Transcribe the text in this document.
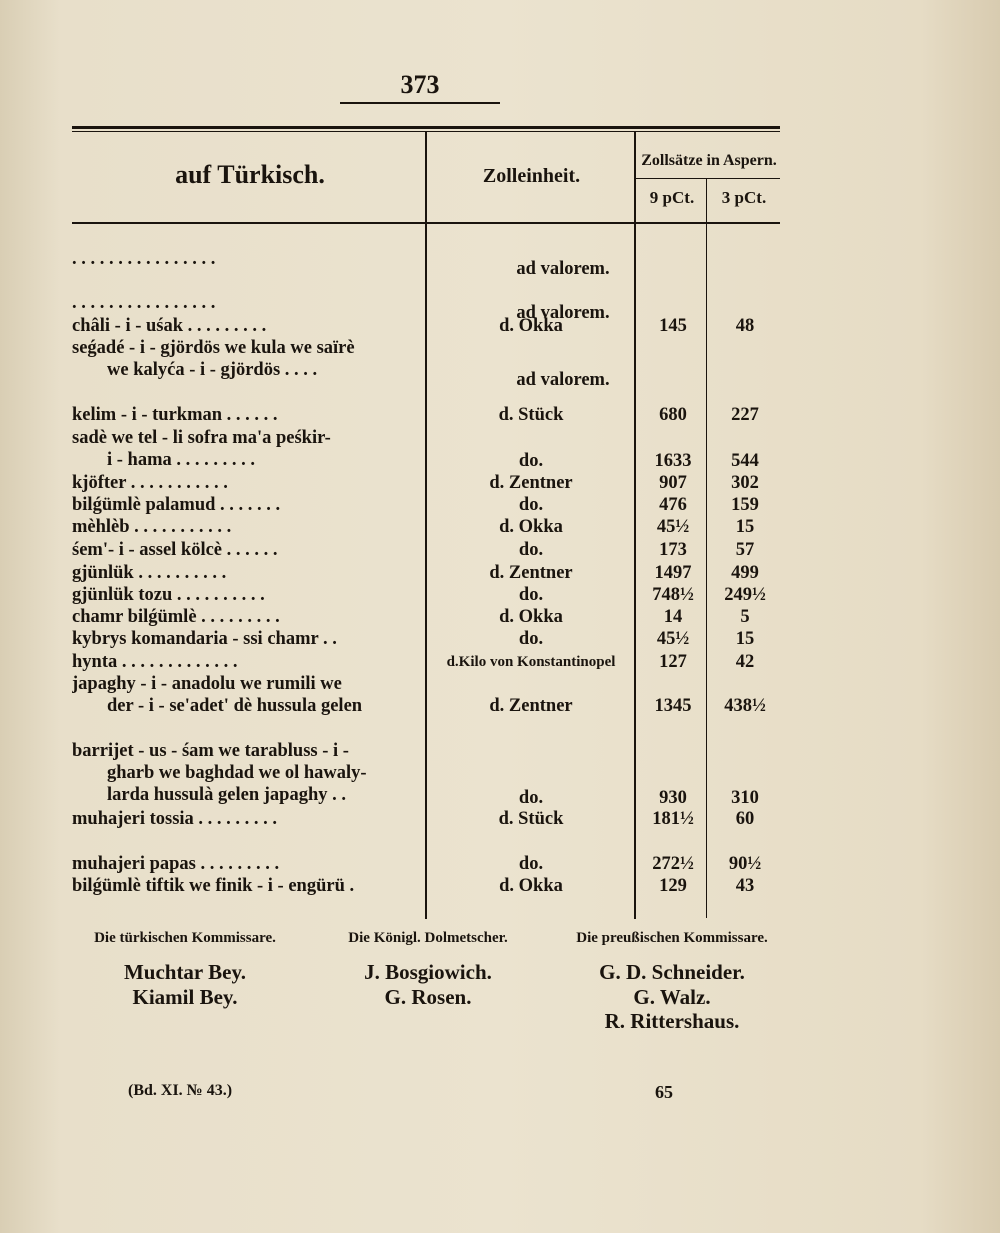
373
auf Türkisch.	Zolleinheit.
Zollsätze in Aspern.
9 pCt.	3 pCt.
. . . . . . . . . . . . . . . .	ad valorem.
. . . . . . . . . . . . . . . .	ad valorem.
châli - i - uśak . . . . . . . . .	d. Okka	145	48
seǵadé - i - gjördös we kula we saïrè
we kalyća - i - gjördös . . . .	ad valorem.
kelim - i - turkman . . . . . .	d. Stück	680	227
sadè we tel - li sofra ma'a peśkir-
i - hama . . . . . . . . .	do.	1633	544
kjöfter . . . . . . . . . . .	d. Zentner	907	302
bilǵümlè palamud . . . . . . .	do.	476	159
mèhlèb . . . . . . . . . . .	d. Okka	45½	15
śem'- i - assel kölcè . . . . . .	do.	173	57
gjünlük . . . . . . . . . .	d. Zentner	1497	499
gjünlük tozu . . . . . . . . . .	do.	748½	249½
chamr bilǵümlè . . . . . . . . .	d. Okka	14	5
kybrys komandaria - ssi chamr . .	do.	45½	15
hynta . . . . . . . . . . . . .	d.Kilo von Konstantinopel	127	42
japaghy - i - anadolu we rumili we
der - i - se'adet' dè hussula gelen	d. Zentner	1345	438½
barrijet - us - śam we tarabluss - i -
gharb we baghdad we ol hawaly-
larda hussulà gelen japaghy . .	do.	930	310
muhajeri tossia . . . . . . . . .	d. Stück	181½	60
muhajeri papas . . . . . . . . .	do.	272½	90½
bilǵümlè tiftik we finik - i - engürü .	d. Okka	129	43
Die türkischen Kommissare.
Muchtar Bey.
Kiamil Bey.
Die Königl. Dolmetscher.
J. Bosgiowich.
G. Rosen.
Die preußischen Kommissare.
G. D. Schneider.
G. Walz.
R. Rittershaus.
(Bd. XI. № 43.)	65
